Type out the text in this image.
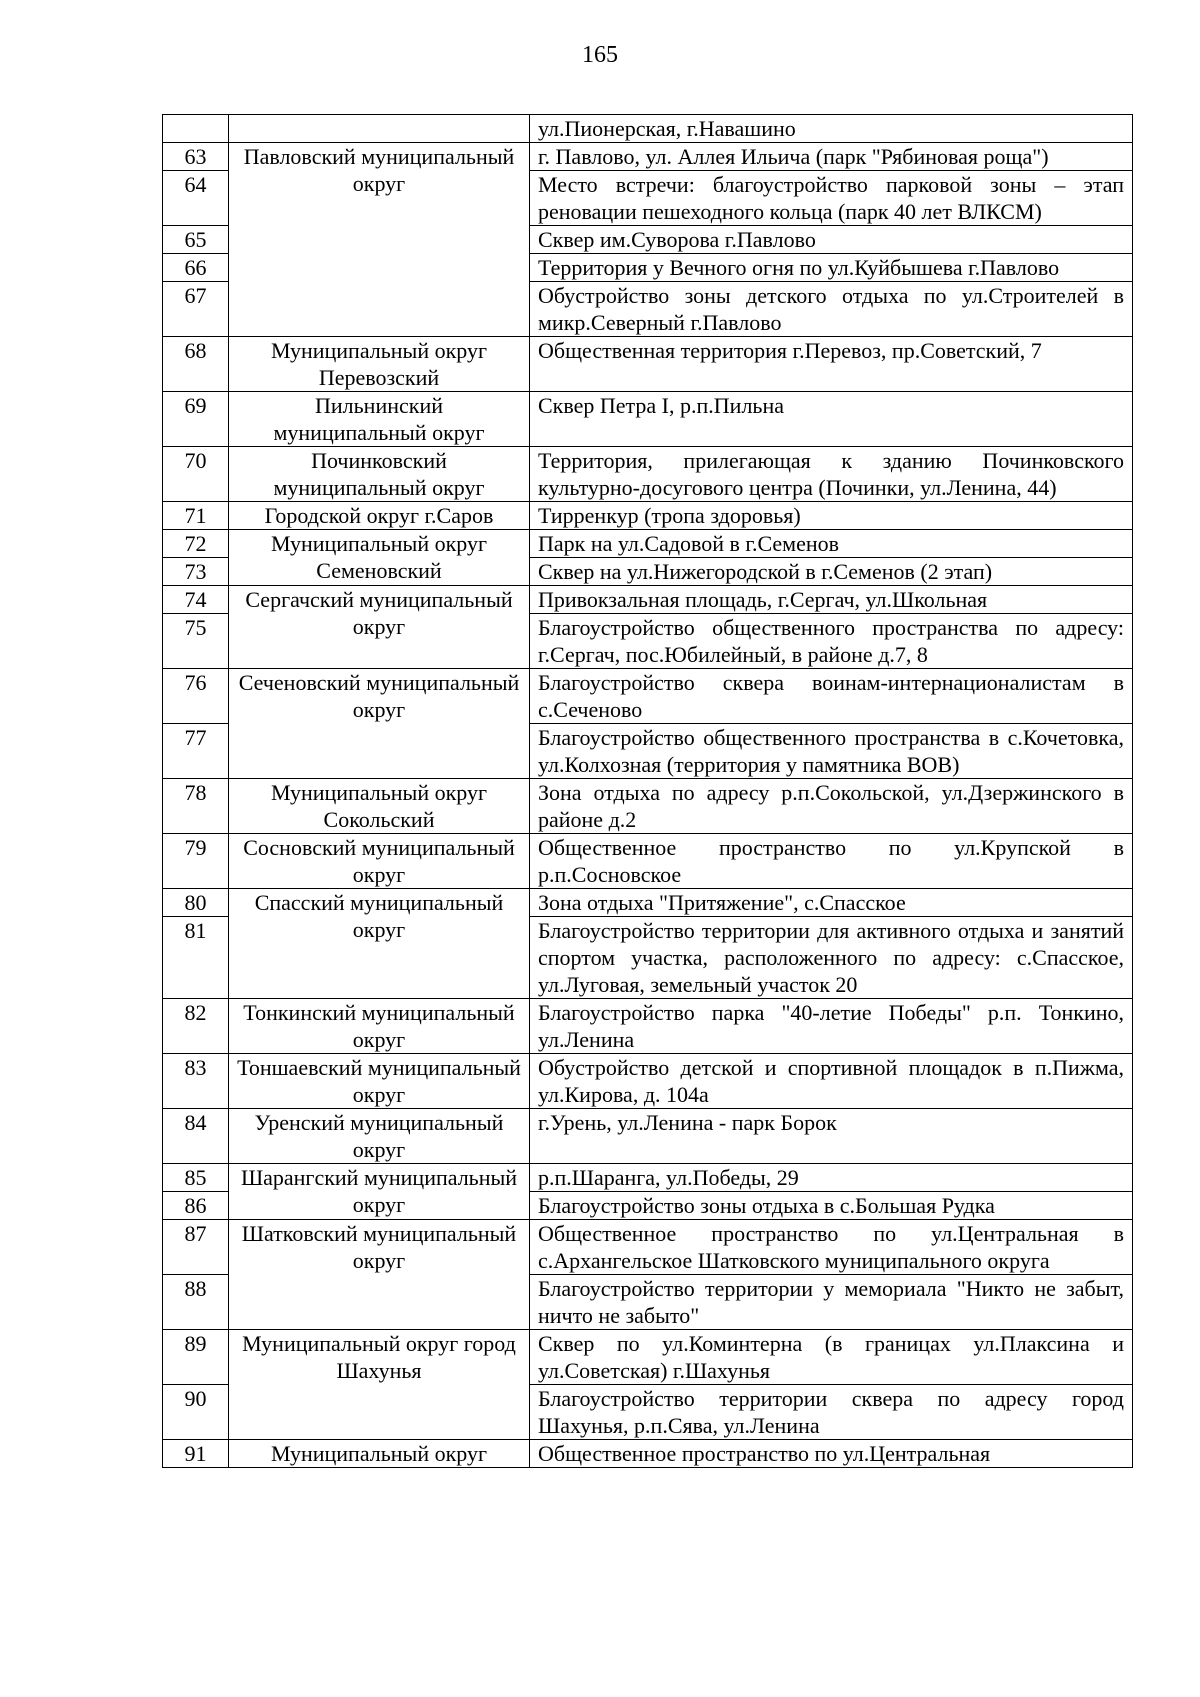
165
		ул.Пионерская, г.Навашино
63	Павловский муниципальный округ	г. Павлово, ул. Аллея Ильича (парк "Рябиновая роща")
64		Место встречи: благоустройство парковой зоны – этап реновации пешеходного кольца (парк 40 лет ВЛКСМ)
65		Сквер им.Суворова г.Павлово
66		Территория у Вечного огня по ул.Куйбышева г.Павлово
67		Обустройство зоны детского отдыха по ул.Строителей в микр.Северный г.Павлово
68	Муниципальный округ Перевозский	Общественная территория г.Перевоз, пр.Советский, 7
69	Пильнинский муниципальный округ	Сквер Петра I, р.п.Пильна
70	Починковский муниципальный округ	Территория, прилегающая к зданию Починковского культурно-досугового центра (Починки, ул.Ленина, 44)
71	Городской округ г.Саров	Тирренкур (тропа здоровья)
72	Муниципальный округ Семеновский	Парк на ул.Садовой в г.Семенов
73		Сквер на ул.Нижегородской в г.Семенов (2 этап)
74	Сергачский муниципальный округ	Привокзальная площадь, г.Сергач, ул.Школьная
75		Благоустройство общественного пространства по адресу: г.Сергач, пос.Юбилейный, в районе д.7, 8
76	Сеченовский муниципальный округ	Благоустройство сквера воинам-интернационалистам в с.Сеченово
77		Благоустройство общественного пространства в с.Кочетовка, ул.Колхозная (территория у памятника ВОВ)
78	Муниципальный округ Сокольский	Зона отдыха по адресу р.п.Сокольской, ул.Дзержинского в районе д.2
79	Сосновский муниципальный округ	Общественное пространство по ул.Крупской в р.п.Сосновское
80	Спасский муниципальный округ	Зона отдыха "Притяжение", с.Спасское
81		Благоустройство территории для активного отдыха и занятий спортом участка, расположенного по адресу: с.Спасское, ул.Луговая, земельный участок 20
82	Тонкинский муниципальный округ	Благоустройство парка "40-летие Победы" р.п. Тонкино, ул.Ленина
83	Тоншаевский муниципальный округ	Обустройство детской и спортивной площадок в п.Пижма, ул.Кирова, д. 104а
84	Уренский муниципальный округ	г.Урень, ул.Ленина - парк Борок
85	Шарангский муниципальный округ	р.п.Шаранга, ул.Победы, 29
86		Благоустройство зоны отдыха в с.Большая Рудка
87	Шатковский муниципальный округ	Общественное пространство по ул.Центральная в с.Архангельское Шатковского муниципального округа
88		Благоустройство территории у мемориала "Никто не забыт, ничто не забыто"
89	Муниципальный округ город Шахунья	Сквер по ул.Коминтерна (в границах ул.Плаксина и ул.Советская) г.Шахунья
90		Благоустройство территории сквера по адресу город Шахунья, р.п.Сява, ул.Ленина
91	Муниципальный округ	Общественное пространство по ул.Центральная
